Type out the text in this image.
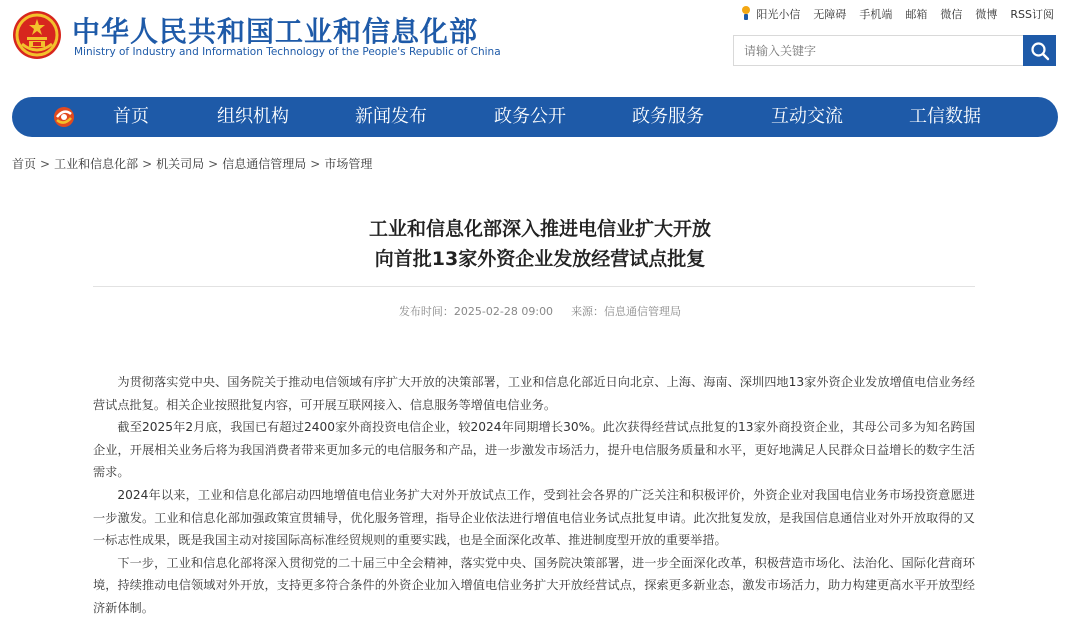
中华人民共和国工业和信息化部
Ministry of Industry and Information Technology of the People's Republic of China
阳光小信 无障碍 手机端 邮箱 微信 微博 RSS订阅
请输入关键字
首页	组织机构	新闻发布	政务公开	政务服务	互动交流	工信数据
首页 > 工业和信息化部 > 机关司局 > 信息通信管理局 > 市场管理
工业和信息化部深入推进电信业扩大开放
向首批13家外资企业发放经营试点批复
发布时间：2025-02-28 09:00 来源：信息通信管理局

为贯彻落实党中央、国务院关于推动电信领域有序扩大开放的决策部署，工业和信息化部近日向北京、上海、海南、深圳四地13家外资企业发放增值电信业务经营试点批复。相关企业按照批复内容，可开展互联网接入、信息服务等增值电信业务。

截至2025年2月底，我国已有超过2400家外商投资电信企业，较2024年同期增长30%。此次获得经营试点批复的13家外商投资企业，其母公司多为知名跨国企业，开展相关业务后将为我国消费者带来更加多元的电信服务和产品，进一步激发市场活力，提升电信服务质量和水平，更好地满足人民群众日益增长的数字生活需求。

2024年以来，工业和信息化部启动四地增值电信业务扩大对外开放试点工作，受到社会各界的广泛关注和积极评价，外资企业对我国电信业务市场投资意愿进一步激发。工业和信息化部加强政策宣贯辅导，优化服务管理，指导企业依法进行增值电信业务试点批复申请。此次批复发放，是我国信息通信业对外开放取得的又一标志性成果，既是我国主动对接国际高标准经贸规则的重要实践，也是全面深化改革、推进制度型开放的重要举措。

下一步，工业和信息化部将深入贯彻党的二十届三中全会精神，落实党中央、国务院决策部署，进一步全面深化改革，积极营造市场化、法治化、国际化营商环境，持续推动电信领域对外开放，支持更多符合条件的外资企业加入增值电信业务扩大开放经营试点，探索更多新业态，激发市场活力，助力构建更高水平开放型经济新体制。
